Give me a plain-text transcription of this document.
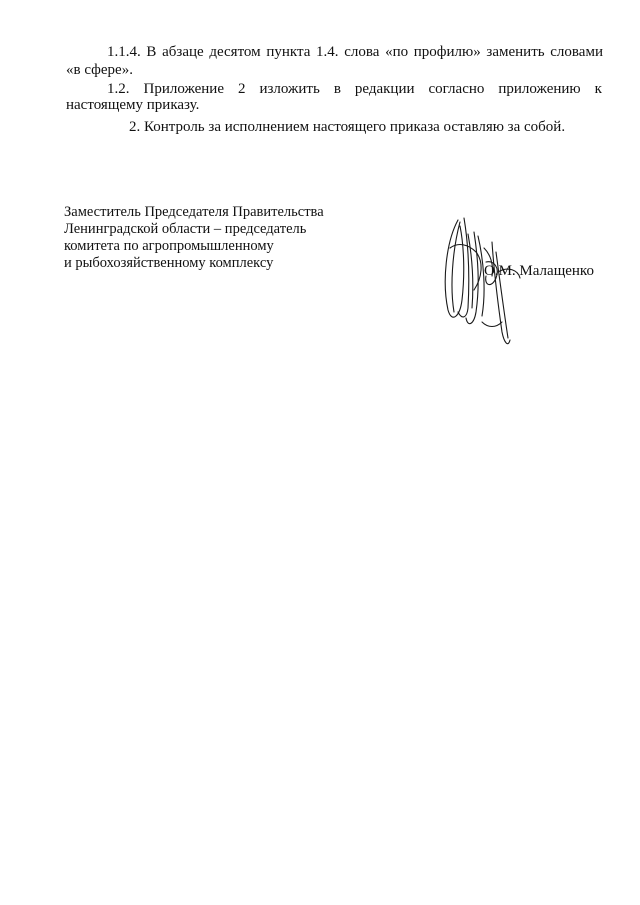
1.1.4. В абзаце десятом пункта 1.4. слова «по профилю» заменить словами
«в сфере».
1.2. Приложение 2 изложить в редакции согласно приложению к
настоящему приказу.
2. Контроль за исполнением настоящего приказа оставляю за собой.
Заместитель Председателя Правительства
Ленинградской области – председатель
комитета по агропромышленному
и рыбохозяйственному комплексу	О.М. Малащенко
